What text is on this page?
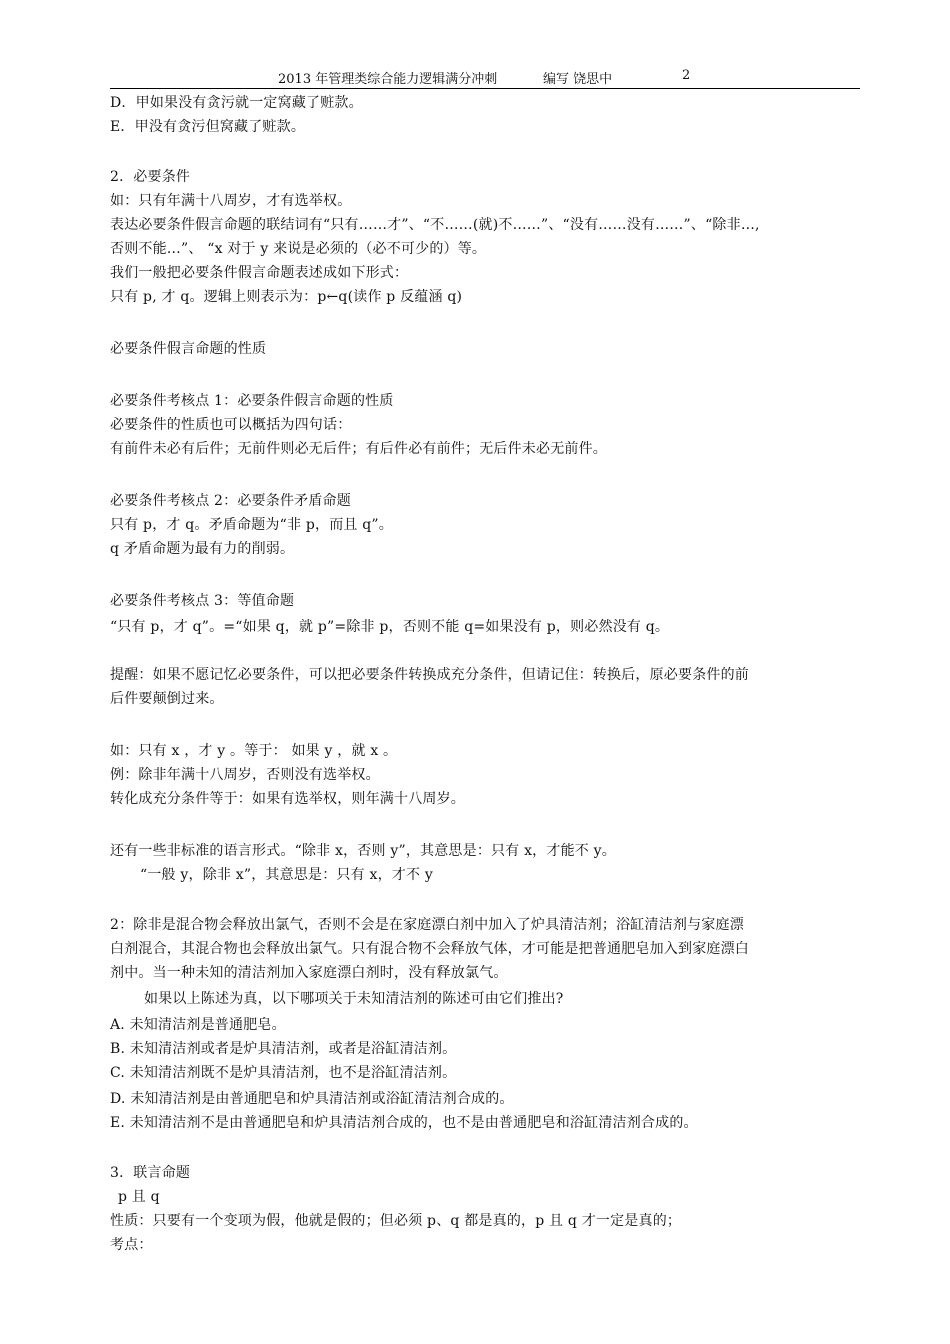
2013 年管理类综合能力逻辑满分冲刺	编写 饶思中	2
D．甲如果没有贪污就一定窝藏了赃款。
E．甲没有贪污但窝藏了赃款。
2．必要条件
如：只有年满十八周岁，才有选举权。
表达必要条件假言命题的联结词有“只有……才”、“不……(就)不……”、“没有……没有……”、“除非…,
否则不能…”、 “x 对于 y 来说是必须的（必不可少的）等。
我们一般把必要条件假言命题表述成如下形式：
只有 p, 才 q。逻辑上则表示为：p←q(读作 p 反蕴涵 q)
必要条件假言命题的性质
必要条件考核点 1：必要条件假言命题的性质
必要条件的性质也可以概括为四句话：
有前件未必有后件；无前件则必无后件；有后件必有前件；无后件未必无前件。
必要条件考核点 2：必要条件矛盾命题
只有 p，才 q。矛盾命题为“非 p，而且 q”。
q 矛盾命题为最有力的削弱。
必要条件考核点 3：等值命题
“只有 p，才 q”。=“如果 q，就 p”=除非 p，否则不能 q=如果没有 p，则必然没有 q。
提醒：如果不愿记忆必要条件，可以把必要条件转换成充分条件，但请记住：转换后，原必要条件的前
后件要颠倒过来。
如：只有 x ，才 y 。等于： 如果 y ，就 x 。
例：除非年满十八周岁，否则没有选举权。
转化成充分条件等于：如果有选举权，则年满十八周岁。
还有一些非标准的语言形式。“除非 x，否则 y”，其意思是：只有 x，才能不 y。
“一般 y，除非 x”，其意思是：只有 x，才不 y
2：除非是混合物会释放出氯气，否则不会是在家庭漂白剂中加入了炉具清洁剂；浴缸清洁剂与家庭漂
白剂混合，其混合物也会释放出氯气。只有混合物不会释放气体，才可能是把普通肥皂加入到家庭漂白
剂中。当一种未知的清洁剂加入家庭漂白剂时，没有释放氯气。
如果以上陈述为真，以下哪项关于未知清洁剂的陈述可由它们推出?
A. 未知清洁剂是普通肥皂。
B. 未知清洁剂或者是炉具清洁剂，或者是浴缸清洁剂。
C. 未知清洁剂既不是炉具清洁剂，也不是浴缸清洁剂。
D. 未知清洁剂是由普通肥皂和炉具清洁剂或浴缸清洁剂合成的。
E. 未知清洁剂不是由普通肥皂和炉具清洁剂合成的，也不是由普通肥皂和浴缸清洁剂合成的。
3．联言命题
p 且 q
性质：只要有一个变项为假，他就是假的；但必须 p、q 都是真的，p 且 q 才一定是真的；
考点：
